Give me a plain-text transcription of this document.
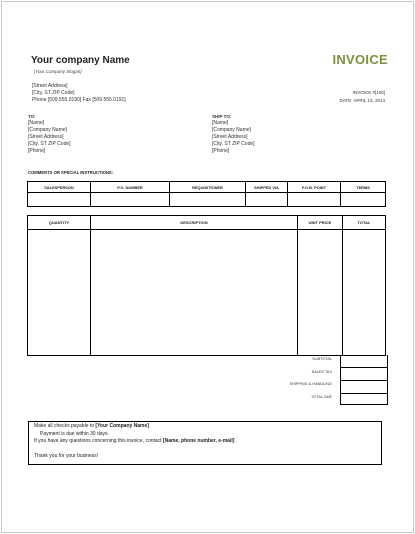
Your company Name
[Your Company Slogan]
[Street Address]
[City, ST ZIP Code]
Phone [509.555.0190] Fax [509.555.0191]
INVOICE
INVOICE #[100]
DATE: APRIL 13, 2014
TO:
[Name]
[Company Name]
[Street Address]
[City, ST ZIP Code]
[Phone]
SHIP TO:
[Name]
[Company Name]
[Street Address]
[City, ST ZIP Code]
[Phone]
COMMENTS OR SPECIAL INSTRUCTIONS:
SALESPERSON	P.O. NUMBER	REQUISITIONER	SHIPPED VIA	F.O.B. POINT	TERMS

QUANTITY	DESCRIPTION	UNIT PRICE	TOTAL

SUBTOTAL
SALES TAX
SHIPPING & HANDLING
TOTAL DUE
Make all checks payable to [Your Company Name]
Payment is due within 30 days.
If you have any questions concerning this invoice, contact [Name, phone number, e-mail]
Thank you for your business!
